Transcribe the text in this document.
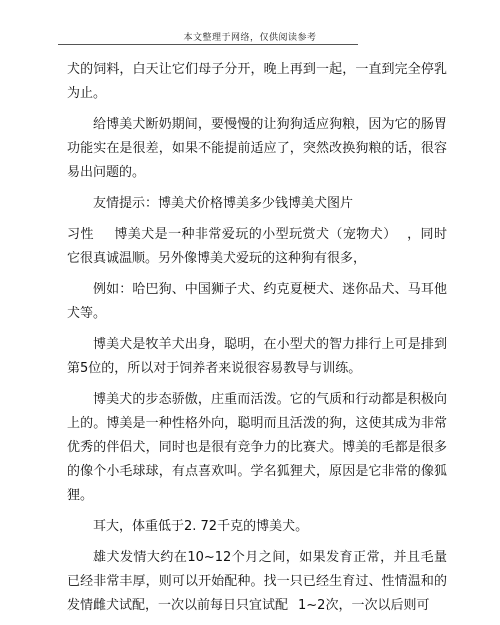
本文整理于网络，仅供阅读参考

犬的饲料，白天让它们母子分开，晚上再到一起，一直到完全停乳为止。

给博美犬断奶期间，要慢慢的让狗狗适应狗粮，因为它的肠胃功能实在是很差，如果不能提前适应了，突然改换狗粮的话，很容易出问题的。

友情提示：博美犬价格博美多少钱博美犬图片

习性 博美犬是一种非常爱玩的小型玩赏犬（宠物犬） ，同时它很真诚温顺。另外像博美犬爱玩的这种狗有很多，

例如：哈巴狗、中国狮子犬、约克夏梗犬、迷你品犬、马耳他犬等。

博美犬是牧羊犬出身，聪明，在小型犬的智力排行上可是排到第5位的，所以对于饲养者来说很容易教导与训练。

博美犬的步态骄傲，庄重而活泼。它的气质和行动都是积极向上的。博美是一种性格外向，聪明而且活泼的狗，这使其成为非常优秀的伴侣犬，同时也是很有竞争力的比赛犬。博美的毛都是很多的像个小毛球球，有点喜欢叫。学名狐狸犬，原因是它非常的像狐狸。

耳大，体重低于2. 72千克的博美犬。

雄犬发情大约在10~12个月之间，如果发育正常，并且毛量已经非常丰厚，则可以开始配种。找一只已经生育过、性情温和的发情雌犬试配，一次以前每日只宜试配 1~2次，一次以后则可
